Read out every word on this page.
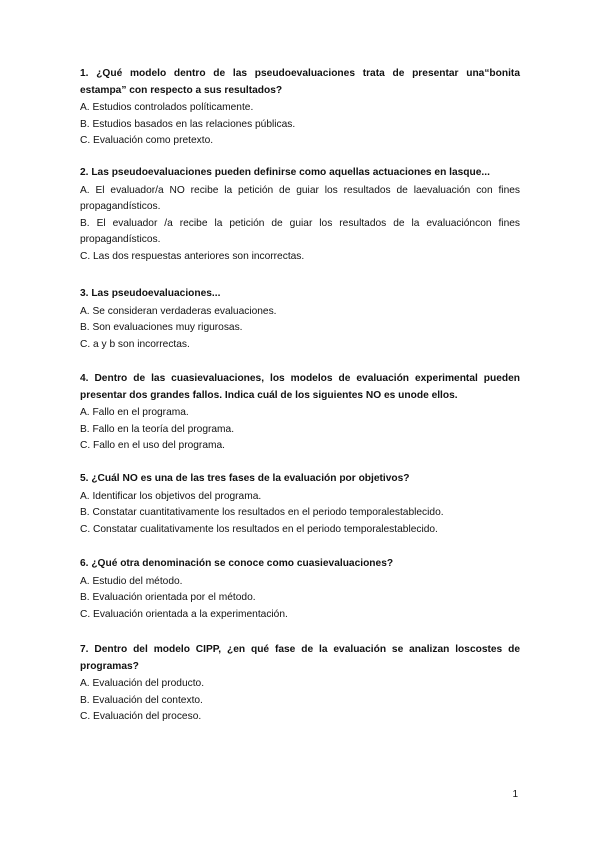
1. ¿Qué modelo dentro de las pseudoevaluaciones trata de presentar una“bonita estampa” con respecto a sus resultados?

A. Estudios controlados políticamente.

B. Estudios basados en las relaciones públicas.

C. Evaluación como pretexto.

2. Las pseudoevaluaciones pueden definirse como aquellas actuaciones en lasque...

A. El evaluador/a NO recibe la petición de guiar los resultados de laevaluación con fines propagandísticos.

B. El evaluador /a recibe la petición de guiar los resultados de la evaluacióncon fines propagandísticos.

C. Las dos respuestas anteriores son incorrectas.

3. Las pseudoevaluaciones...

A. Se consideran verdaderas evaluaciones.

B. Son evaluaciones muy rigurosas.

C. a y b son incorrectas.

4. Dentro de las cuasievaluaciones, los modelos de evaluación experimental pueden presentar dos grandes fallos. Indica cuál de los siguientes NO es unode ellos.

A. Fallo en el programa.

B. Fallo en la teoría del programa.

C. Fallo en el uso del programa.

5. ¿Cuál NO es una de las tres fases de la evaluación por objetivos?

A. Identificar los objetivos del programa.

B. Constatar cuantitativamente los resultados en el periodo temporalestablecido.

C. Constatar cualitativamente los resultados en el periodo temporalestablecido.

6. ¿Qué otra denominación se conoce como cuasievaluaciones?

A. Estudio del método.

B. Evaluación orientada por el método.

C. Evaluación orientada a la experimentación.

7. Dentro del modelo CIPP, ¿en qué fase de la evaluación se analizan loscostes de programas?

A. Evaluación del producto.

B. Evaluación del contexto.

C. Evaluación del proceso.

1
